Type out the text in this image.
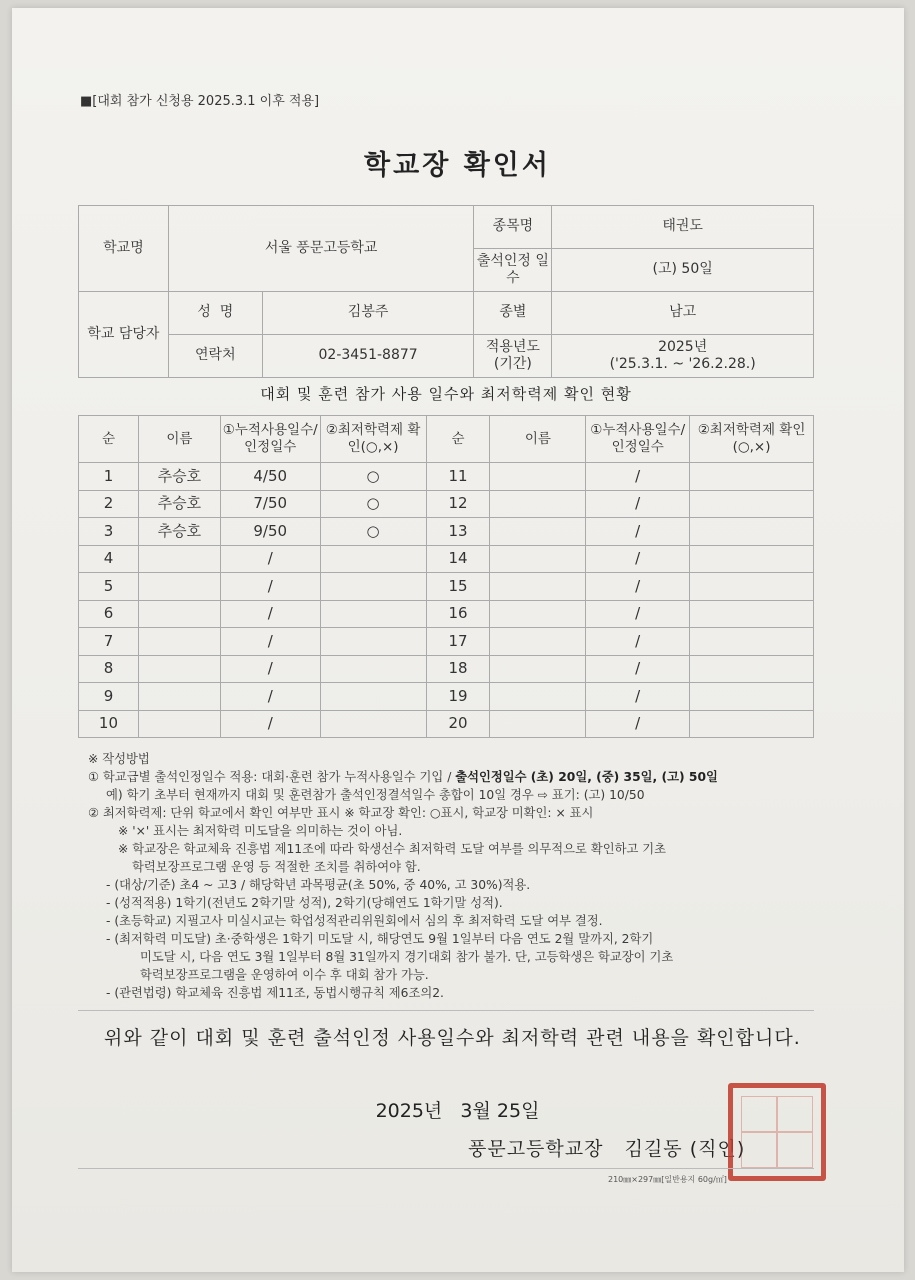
■[대회 참가 신청용 2025.3.1 이후 적용]
학교장 확인서
학교명	서울 풍문고등학교		종목명	태권도
			출석인정 일수	(고) 50일
학교 담당자	성  명	김봉주	종별	남고
	연락처	02-3451-8877	적용년도 (기간)	2025년
('25.3.1. ~ '26.2.28.)
대회 및 훈련 참가 사용 일수와 최저학력제 확인 현황
순	이름	①누적사용일수/인정일수	②최저학력제 확인(○,×)	순	이름	①누적사용일수/인정일수	②최저학력제 확인(○,×)
1	추승호	4/50	○	11		/	
2	추승호	7/50	○	12		/	
3	추승호	9/50	○	13		/	
4		/		14		/	
5		/		15		/	
6		/		16		/	
7		/		17		/	
8		/		18		/	
9		/		19		/	
10		/		20		/	
※ 작성방법
① 학교급별 출석인정일수 적용: 대회·훈련 참가 누적사용일수 기입 / 출석인정일수 (초) 20일, (중) 35일, (고) 50일
예) 학기 초부터 현재까지 대회 및 훈련참가 출석인정결석일수 총합이 10일 경우 ⇨ 표기: (고) 10/50
② 최저학력제: 단위 학교에서 확인 여부만 표시 ※ 학교장 확인: ○표시, 학교장 미확인: × 표시
※ '×' 표시는 최저학력 미도달을 의미하는 것이 아님.
※ 학교장은 학교체육 진흥법 제11조에 따라 학생선수 최저학력 도달 여부를 의무적으로 확인하고 기초
학력보장프로그램 운영 등 적절한 조치를 취하여야 함.
- (대상/기준) 초4 ~ 고3 / 해당학년 과목평균(초 50%, 중 40%, 고 30%)적용.
- (성적적용) 1학기(전년도 2학기말 성적), 2학기(당해연도 1학기말 성적).
- (초등학교) 지필고사 미실시교는 학업성적관리위원회에서 심의 후 최저학력 도달 여부 결정.
- (최저학력 미도달) 초·중학생은 1학기 미도달 시, 해당연도 9월 1일부터 다음 연도 2월 말까지, 2학기
미도달 시, 다음 연도 3월 1일부터 8월 31일까지 경기대회 참가 불가. 단, 고등학생은 학교장이 기초
학력보장프로그램을 운영하여 이수 후 대회 참가 가능.
- (관련법령) 학교체육 진흥법 제11조, 동법시행규칙 제6조의2.
위와 같이 대회 및 훈련 출석인정 사용일수와 최저학력 관련 내용을 확인합니다.
2025년   3월 25일
풍문고등학교장   김길동 (직인)
210㎜×297㎜[일반용지 60g/㎡]
